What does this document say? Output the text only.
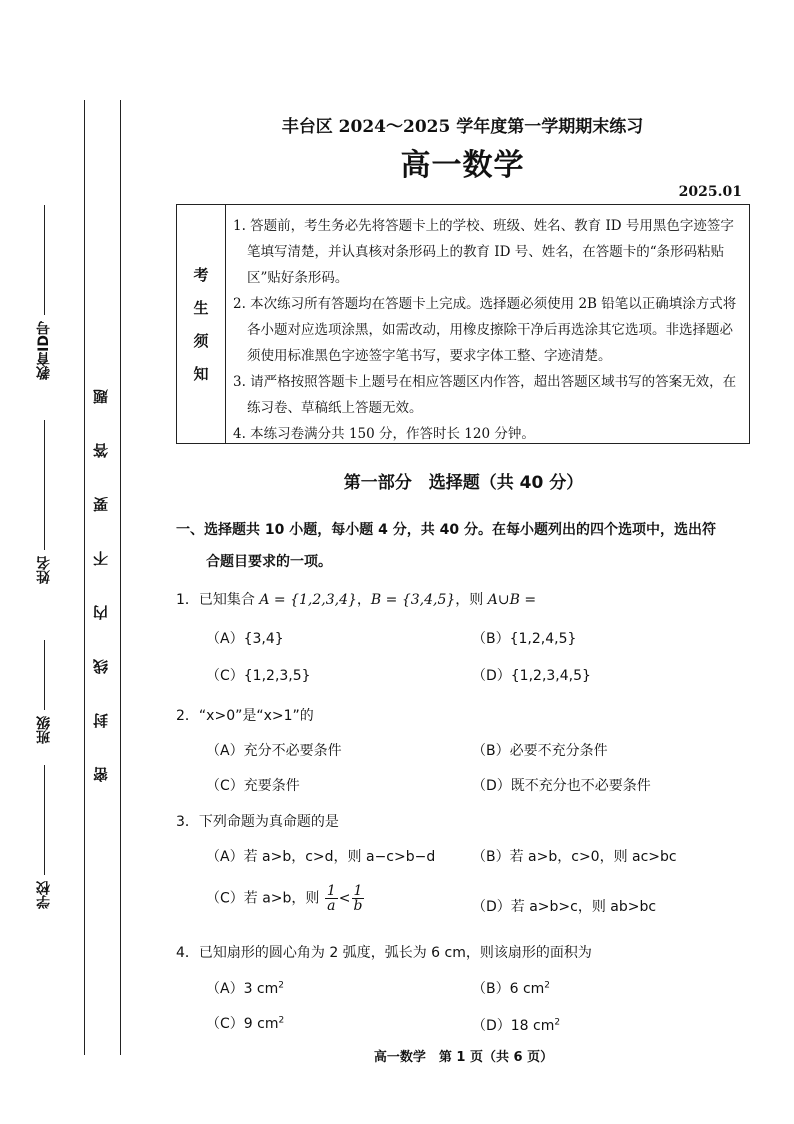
教育ID号
姓名
班级
学校
题
答
要
不
内
线
封
密
丰台区 2024～2025 学年度第一学期期末练习
高一数学
2025.01
考
生
须
知
1. 答题前，考生务必先将答题卡上的学校、班级、姓名、教育 ID 号用黑色字迹签字笔填写清楚，并认真核对条形码上的教育 ID 号、姓名，在答题卡的“条形码粘贴区”贴好条形码。
2. 本次练习所有答题均在答题卡上完成。选择题必须使用 2B 铅笔以正确填涂方式将各小题对应选项涂黑，如需改动，用橡皮擦除干净后再选涂其它选项。非选择题必须使用标准黑色字迹签字笔书写，要求字体工整、字迹清楚。
3. 请严格按照答题卡上题号在相应答题区内作答，超出答题区域书写的答案无效，在练习卷、草稿纸上答题无效。
4. 本练习卷满分共 150 分，作答时长 120 分钟。
第一部分　选择题（共 40 分）
一、选择题共 10 小题，每小题 4 分，共 40 分。在每小题列出的四个选项中，选出符
合题目要求的一项。
1．已知集合 A = {1,2,3,4}，B = {3,4,5}，则 A∪B =
（A）{3,4}	（B）{1,2,4,5}
（C）{1,2,3,5}	（D）{1,2,3,4,5}
2．“x>0”是“x>1”的
（A）充分不必要条件	（B）必要不充分条件
（C）充要条件	（D）既不充分也不必要条件
3．下列命题为真命题的是
（A）若 a>b，c>d，则 a−c>b−d	（B）若 a>b，c>0，则 ac>bc
（C）若 a>b，则 $\frac{1}{a} < \frac{1}{b}$	（D）若 a>b>c，则 ab>bc
4．已知扇形的圆心角为 2 弧度，弧长为 6 cm，则该扇形的面积为
（A）3 $cm^2$	（B）6 $cm^2$
（C）9 $cm^2$	（D）18 $cm^2$
高一数学　第 1 页（共 6 页）
